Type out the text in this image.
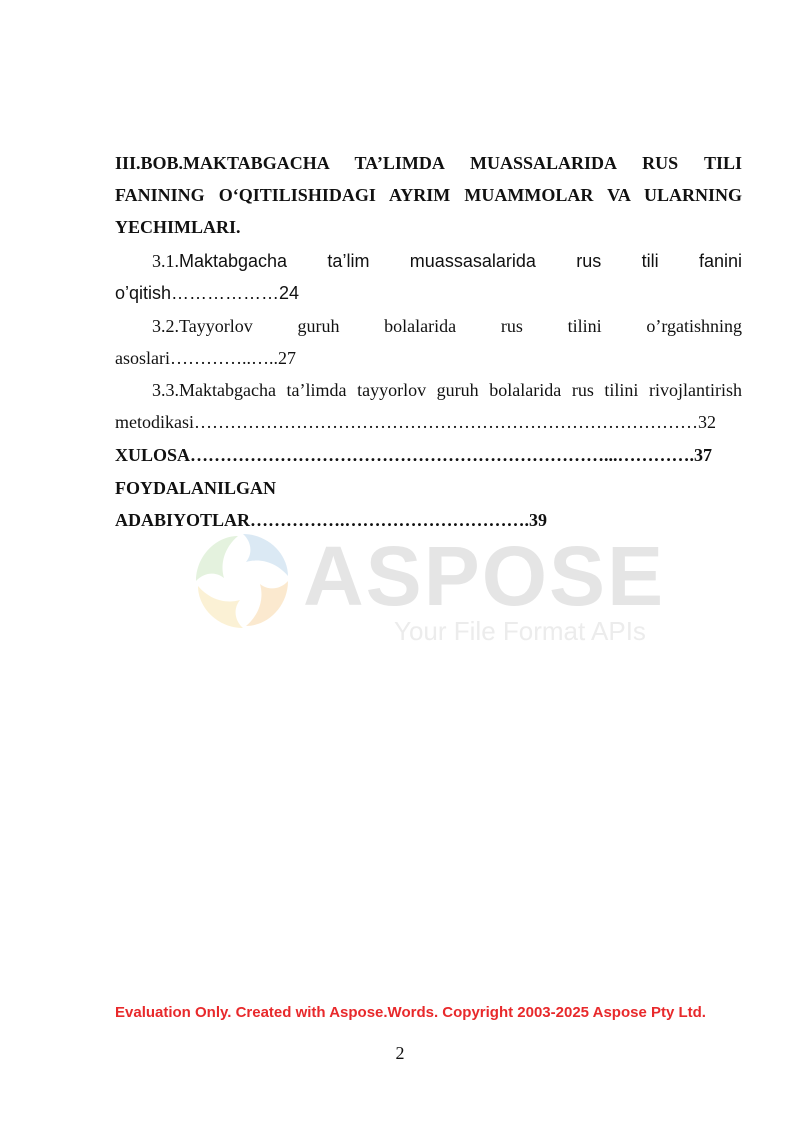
III.BOB.MAKTABGACHA TA’LIMDA MUASSALARIDA RUS TILI
FANINING O‘QITILISHIDAGI AYRIM MUAMMOLAR VA ULARNING
YECHIMLARI.
3.1.Maktabgacha ta’lim muassasalarida rus tili fanini
o’qitish………………24
3.2.Tayyorlov guruh bolalarida rus tilini o’rgatishning
asoslari…………..…..27
3.3.Maktabgacha ta’limda tayyorlov guruh bolalarida rus tilini rivojlantirish
metodikasi…………………………………………………………………………32
XULOSA……………………………………………………………...………….37
FOYDALANILGAN
ADABIYOTLAR…………….………………………….39
ASPOSE
Your File Format APIs
Evaluation Only. Created with Aspose.Words. Copyright 2003-2025 Aspose Pty Ltd.
2
